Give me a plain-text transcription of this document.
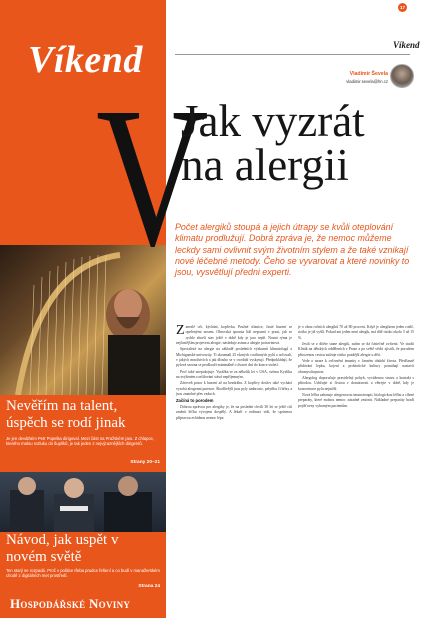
Víkend
Nevěřím na talent, úspěch se rodí jinak
Je jen deváthém Petr Popelka dirigoval. Mezi část na Pražském jaru. Z chlapce, kterého malou rozluku do šuplíků, je tak jeden z nejvýraznějších dirigentů.
Strany 20–21
Návod, jak uspět v novém světě
Ten starý se rozpadá. Proč v politice třeba prudce řešení a co budí v manažerském chodě z digitálních met prostředí.
Strana 24
Hospodářské Noviny
V
17
Víkend
Vladimír Ševela
vladimir.sevela@hn.cz
Jak vyzrát na alergii
Počet alergiků stoupá a jejich útrapy se kvůli oteplování klimatu prodlužují. Dobrá zpráva je, že nemoc můžeme leckdy sami ovlivnit svým životním stylem a že také vznikají nové léčebné metody. Čeho se vyvarovat a které novinky to jsou, vysvětlují předni experti.

Zaneslé oči, kýchání, kopřivka. Pružné sliznice, časté buzení se opeřenými nosem. Obrovská spousta lidí nepozná v praxi, jak se rychle zhorší stav ještě v době kdy je jaro teplé. Nosná rýma je nejčastějším projevem alergie, následuje astma a alergie potravinová.

Specialisté na alergie na základě posledních výzkumů klimatologů z Michiganské univerzity. Ti skoumali 25 různých rostlinných pylů a určovali, v jakých množstvích a jak dlouho se v ovzduší vyskytují. Předpokládají, že pylová sezona se prodlouží minimálně o dvacet dní do konce století.

Proč také znepokojuje. Vyrážka se za několik let v USA, svému Kyslíku na zvýšeném rozšiřování stává nepříjemným.

Zároveň pozor k buzení až na bezdráhu. Z kopřivy doslov také vychází vysoká alergenní potence. Škodlivější jsou pyly ambrozie, pelyňku či břízy a jsou znatelné přes vzduch.

Začíná to porodem

Dobrou zprávou pro alergiky je, že na poslední chvíli 30 let se ještě cítí změnit léčbu vývojem dospělý. A lékaři v ordinaci vidí, že správnou přípravou zvládnou nemoc lépe.

je o obou ročních alergiků 70 až 80 procent. Když je alergikem jeden rodič, riziko je již vyšší. Pokud ani jeden není alergik, má dítě riziko okolo 5 až 15 %.

Jestli se z dítěte stane alergik, zatím se dá částečně ovlivnit. Ve studii Klinik na dětských odděleních v Praze a po světě vědci zjistili, že porodem přirozenou cestou snižuje riziko pozdější alergie u dětí.

Vede o snaze k ovlivnění imunity v časném období života. Předčasně přidávání lepku, kojení a probiotické kultury pomáhají nastavit obranyschopnost.

Alergolog doporučuje pravidelný pohyb, vyváženou stravu a kontakt s přírodou. Udržujte si čistotu v domácnosti a větrejte v době, kdy je koncentrace pylu nejnižší.

Nová léčba zahrnuje alergenovou imunoterapii, biologickou léčbu a cílené preparáty, které mohou nemoc zásadně zmírnit. Nákladné preparáty hradí pojišťovny vybraným pacientům.
